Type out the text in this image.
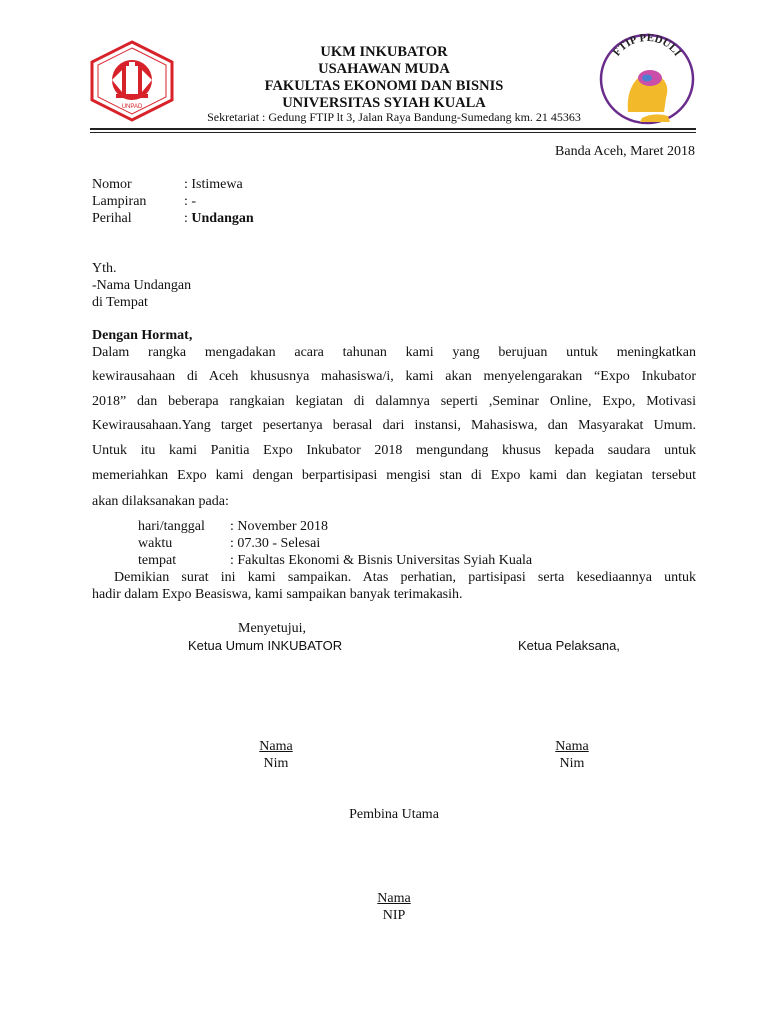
UNPAD
UKM INKUBATOR
USAHAWAN MUDA
FAKULTAS EKONOMI DAN BISNIS
UNIVERSITAS SYIAH KUALA
Sekretariat : Gedung FTIP lt 3, Jalan Raya Bandung-Sumedang km. 21 45363
FTIP PEDULI
Banda Aceh, Maret 2018
Nomor	: Istimewa
Lampiran	: -
Perihal	: Undangan
Yth.
-Nama Undangan
di Tempat
Dengan Hormat,
Dalam rangka mengadakan acara tahunan kami yang berujuan untuk meningkatkan
kewirausahaan di Aceh khususnya mahasiswa/i, kami akan menyelengarakan “Expo Inkubator
2018” dan beberapa rangkaian kegiatan di dalamnya seperti ,Seminar Online, Expo, Motivasi
Kewirausahaan.Yang target pesertanya berasal dari instansi, Mahasiswa, dan Masyarakat Umum.
Untuk itu kami Panitia Expo Inkubator 2018 mengundang khusus kepada saudara untuk
memeriahkan Expo kami dengan berpartisipasi mengisi stan di Expo kami dan kegiatan tersebut
akan dilaksanakan pada:
hari/tanggal : November 2018
waktu	: 07.30 - Selesai
tempat	: Fakultas Ekonomi & Bisnis Universitas Syiah Kuala
Demikian surat ini kami sampaikan. Atas perhatian, partisipasi serta kesediaannya untuk
hadir dalam Expo Beasiswa, kami sampaikan banyak terimakasih.
Menyetujui,
Ketua Umum INKUBATOR	Ketua Pelaksana,
Nama
Nim
Nama
Nim
Pembina Utama
Nama
NIP
